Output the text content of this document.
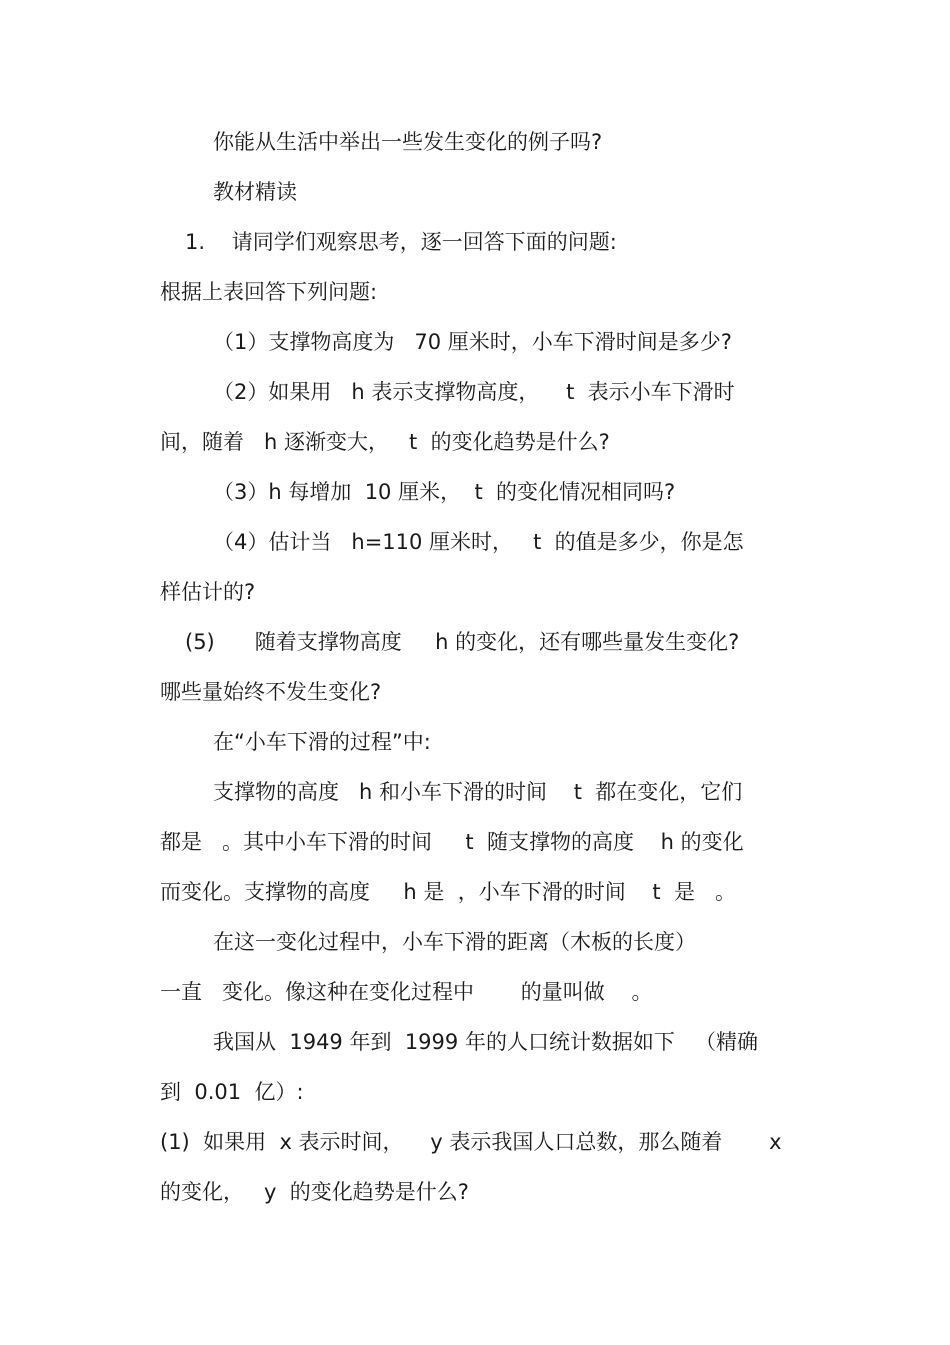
你能从生活中举出一些发生变化的例子吗?

教材精读

1.    请同学们观察思考，逐一回答下面的问题:

根据上表回答下列问题:

（1）支撑物高度为   70 厘米时，小车下滑时间是多少?

（2）如果用   h 表示支撑物高度，    t  表示小车下滑时

间，随着   h 逐渐变大，   t  的变化趋势是什么?

（3）h 每增加  10 厘米，  t  的变化情况相同吗?

（4）估计当   h=110 厘米时，   t  的值是多少，你是怎

样估计的?

(5)      随着支撑物高度     h 的变化，还有哪些量发生变化?

哪些量始终不发生变化?

在“小车下滑的过程”中:

支撑物的高度   h 和小车下滑的时间    t  都在变化，它们

都是   。其中小车下滑的时间     t  随支撑物的高度    h 的变化

而变化。支撑物的高度     h 是  ，小车下滑的时间    t  是   。

在这一变化过程中，小车下滑的距离（木板的长度）

一直   变化。像这种在变化过程中       的量叫做    。

我国从  1949 年到  1999 年的人口统计数据如下   （精确

到  0.01  亿）:

(1)  如果用  x 表示时间，    y 表示我国人口总数，那么随着       x

的变化，   y  的变化趋势是什么?
